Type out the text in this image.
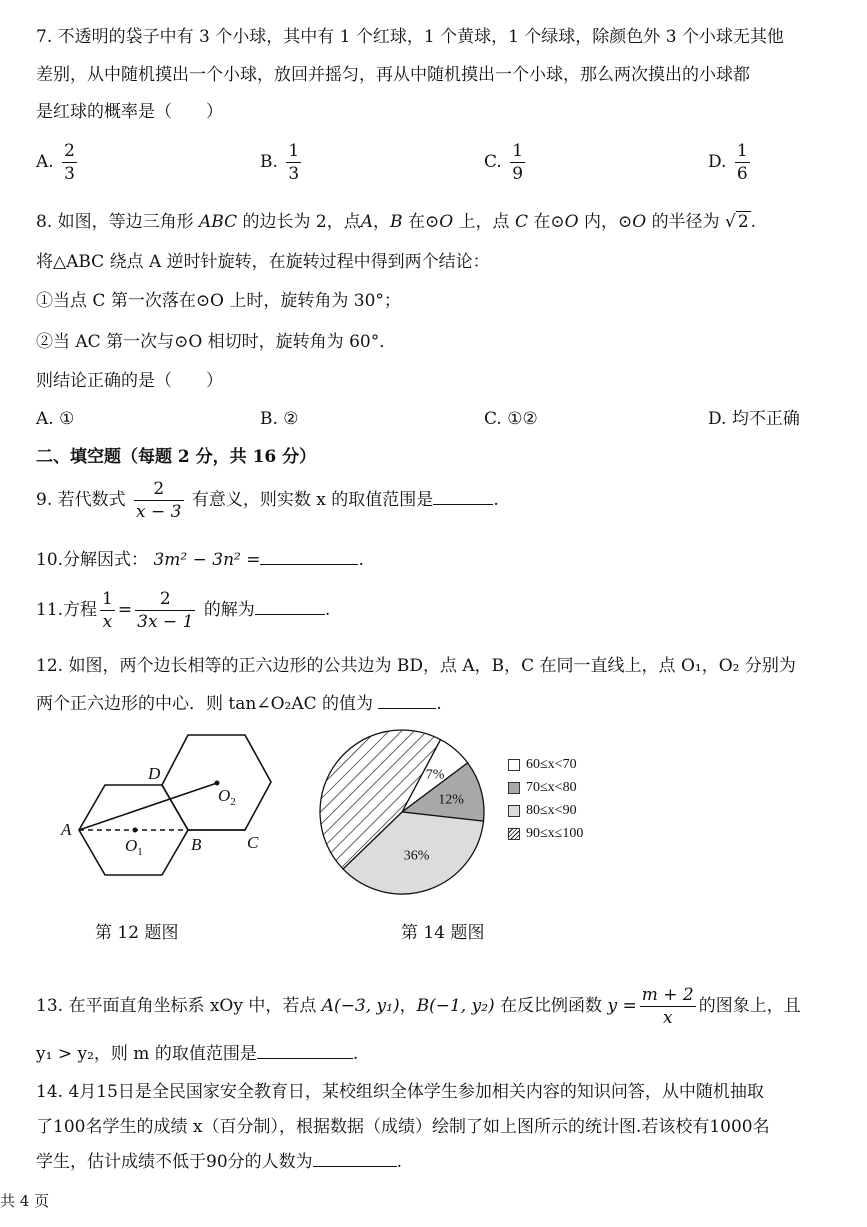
7. 不透明的袋子中有 3 个小球，其中有 1 个红球，1 个黄球，1 个绿球，除颜色外 3 个小球无其他
差别，从中随机摸出一个小球，放回并摇匀，再从中随机摸出一个小球，那么两次摸出的小球都
是红球的概率是（　　）
A. $\frac{2}{3}$	B. $\frac{1}{3}$	C. $\frac{1}{9}$	D. $\frac{1}{6}$
8. 如图，等边三角形 ABC 的边长为 2，点A，B 在⊙O 上，点 C 在⊙O 内，⊙O 的半径为 √ 2 .
将△ABC 绕点 A 逆时针旋转，在旋转过程中得到两个结论：
①当点 C 第一次落在⊙O 上时，旋转角为 30°；
②当 AC 第一次与⊙O 相切时，旋转角为 60°．
则结论正确的是（　　）
A. ①	B. ②	C. ①②	D. 均不正确
二、填空题（每题 2 分，共 16 分）
9. 若代数式 $\frac{2}{x - 3}$ 有意义，则实数 x 的取值范围是	.
10.分解因式： 3m² − 3n² =	.
11.方程 $\frac{1}{x} = \frac{2}{3x - 1}$ 的解为	.
12. 如图，两个边长相等的正六边形的公共边为 BD，点 A，B，C 在同一直线上，点 O₁，O₂ 分别为
两个正六边形的中心．则 tan∠O₂AC 的值为	.
A
B	C
D
$O_1$
$O_2$
第 12 题图
7%
12%
36%
60≤x<70
70≤x<80
80≤x<90
90≤x≤100
第 14 题图
13. 在平面直角坐标系 xOy 中，若点 A(−3, y₁)，B(−1, y₂) 在反比例函数 $y = \frac{m + 2}{x}$ 的图象上，且
y₁ > y₂，则 m 的取值范围是	.
14. 4月15日是全民国家安全教育日，某校组织全体学生参加相关内容的知识问答，从中随机抽取
了100名学生的成绩 x（百分制），根据数据（成绩）绘制了如上图所示的统计图.若该校有1000名
学生，估计成绩不低于90分的人数为	.
共 4 页
